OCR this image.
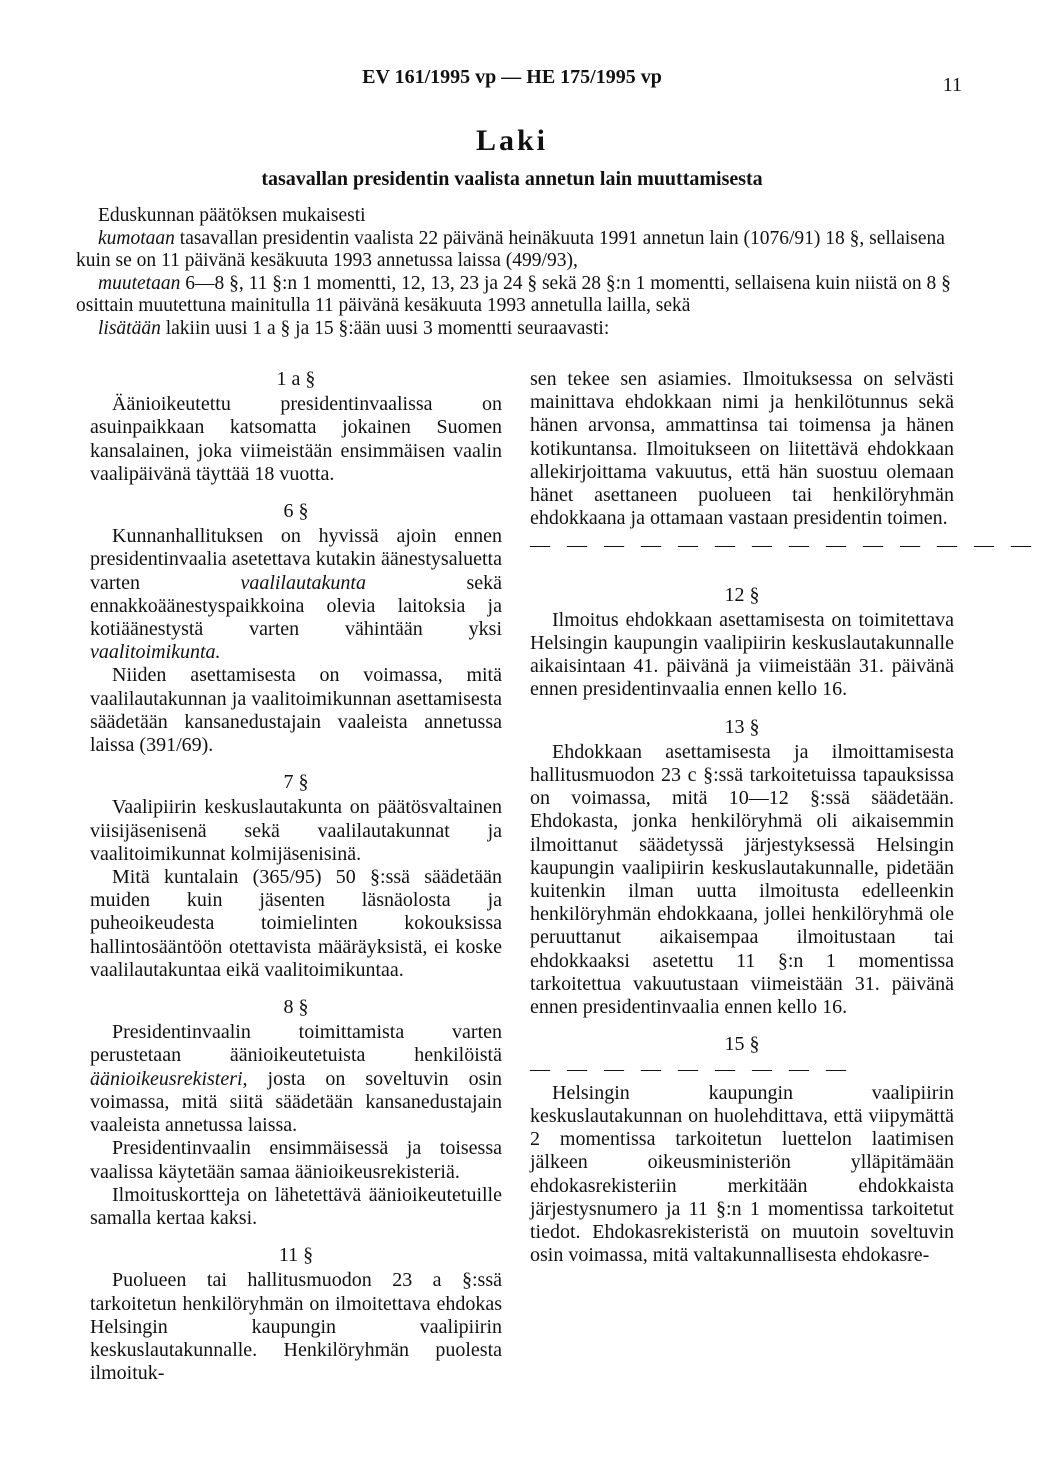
EV 161/1995 vp — HE 175/1995 vp	11
Laki
tasavallan presidentin vaalista annetun lain muuttamisesta

Eduskunnan päätöksen mukaisesti

kumotaan tasavallan presidentin vaalista 22 päivänä heinäkuuta 1991 annetun lain (1076/91) 18 §, sellaisena kuin se on 11 päivänä kesäkuuta 1993 annetussa laissa (499/93),

muutetaan 6—8 §, 11 §:n 1 momentti, 12, 13, 23 ja 24 § sekä 28 §:n 1 momentti, sellaisena kuin niistä on 8 § osittain muutettuna mainitulla 11 päivänä kesäkuuta 1993 annetulla lailla, sekä

lisätään lakiin uusi 1 a § ja 15 §:ään uusi 3 momentti seuraavasti:

1 a §

Äänioikeutettu presidentinvaalissa on asuinpaikkaan katsomatta jokainen Suomen kansalainen, joka viimeistään ensimmäisen vaalin vaalipäivänä täyttää 18 vuotta.

6 §

Kunnanhallituksen on hyvissä ajoin ennen presidentinvaalia asetettava kutakin äänestysaluetta varten vaalilautakunta sekä ennakkoäänestyspaikkoina olevia laitoksia ja kotiäänestystä varten vähintään yksi vaalitoimikunta.

Niiden asettamisesta on voimassa, mitä vaalilautakunnan ja vaalitoimikunnan asettamisesta säädetään kansanedustajain vaaleista annetussa laissa (391/69).

7 §

Vaalipiirin keskuslautakunta on päätösvaltainen viisijäsenisenä sekä vaalilautakunnat ja vaalitoimikunnat kolmijäsenisinä.

Mitä kuntalain (365/95) 50 §:ssä säädetään muiden kuin jäsenten läsnäolosta ja puheoikeudesta toimielinten kokouksissa hallintosääntöön otettavista määräyksistä, ei koske vaalilautakuntaa eikä vaalitoimikuntaa.

8 §

Presidentinvaalin toimittamista varten perustetaan äänioikeutetuista henkilöistä äänioikeusrekisteri, josta on soveltuvin osin voimassa, mitä siitä säädetään kansanedustajain vaaleista annetussa laissa.

Presidentinvaalin ensimmäisessä ja toisessa vaalissa käytetään samaa äänioikeusrekisteriä.

Ilmoituskortteja on lähetettävä äänioikeutetuille samalla kertaa kaksi.

11 §

Puolueen tai hallitusmuodon 23 a §:ssä tarkoitetun henkilöryhmän on ilmoitettava ehdokas Helsingin kaupungin vaalipiirin keskuslautakunnalle. Henkilöryhmän puolesta ilmoituk-

sen tekee sen asiamies. Ilmoituksessa on selvästi mainittava ehdokkaan nimi ja henkilötunnus sekä hänen arvonsa, ammattinsa tai toimensa ja hänen kotikuntansa. Ilmoitukseen on liitettävä ehdokkaan allekirjoittama vakuutus, että hän suostuu olemaan hänet asettaneen puolueen tai henkilöryhmän ehdokkaana ja ottamaan vastaan presidentin toimen.

— — — — — — — — — — — — — —

12 §

Ilmoitus ehdokkaan asettamisesta on toimitettava Helsingin kaupungin vaalipiirin keskuslautakunnalle aikaisintaan 41. päivänä ja viimeistään 31. päivänä ennen presidentinvaalia ennen kello 16.

13 §

Ehdokkaan asettamisesta ja ilmoittamisesta hallitusmuodon 23 c §:ssä tarkoitetuissa tapauksissa on voimassa, mitä 10—12 §:ssä säädetään. Ehdokasta, jonka henkilöryhmä oli aikaisemmin ilmoittanut säädetyssä järjestyksessä Helsingin kaupungin vaalipiirin keskuslautakunnalle, pidetään kuitenkin ilman uutta ilmoitusta edelleenkin henkilöryhmän ehdokkaana, jollei henkilöryhmä ole peruuttanut aikaisempaa ilmoitustaan tai ehdokkaaksi asetettu 11 §:n 1 momentissa tarkoitettua vakuutustaan viimeistään 31. päivänä ennen presidentinvaalia ennen kello 16.

15 §

— — — — — — — — —

Helsingin kaupungin vaalipiirin keskuslautakunnan on huolehdittava, että viipymättä 2 momentissa tarkoitetun luettelon laatimisen jälkeen oikeusministeriön ylläpitämään ehdokasrekisteriin merkitään ehdokkaista järjestysnumero ja 11 §:n 1 momentissa tarkoitetut tiedot. Ehdokasrekisteristä on muutoin soveltuvin osin voimassa, mitä valtakunnallisesta ehdokasre-
